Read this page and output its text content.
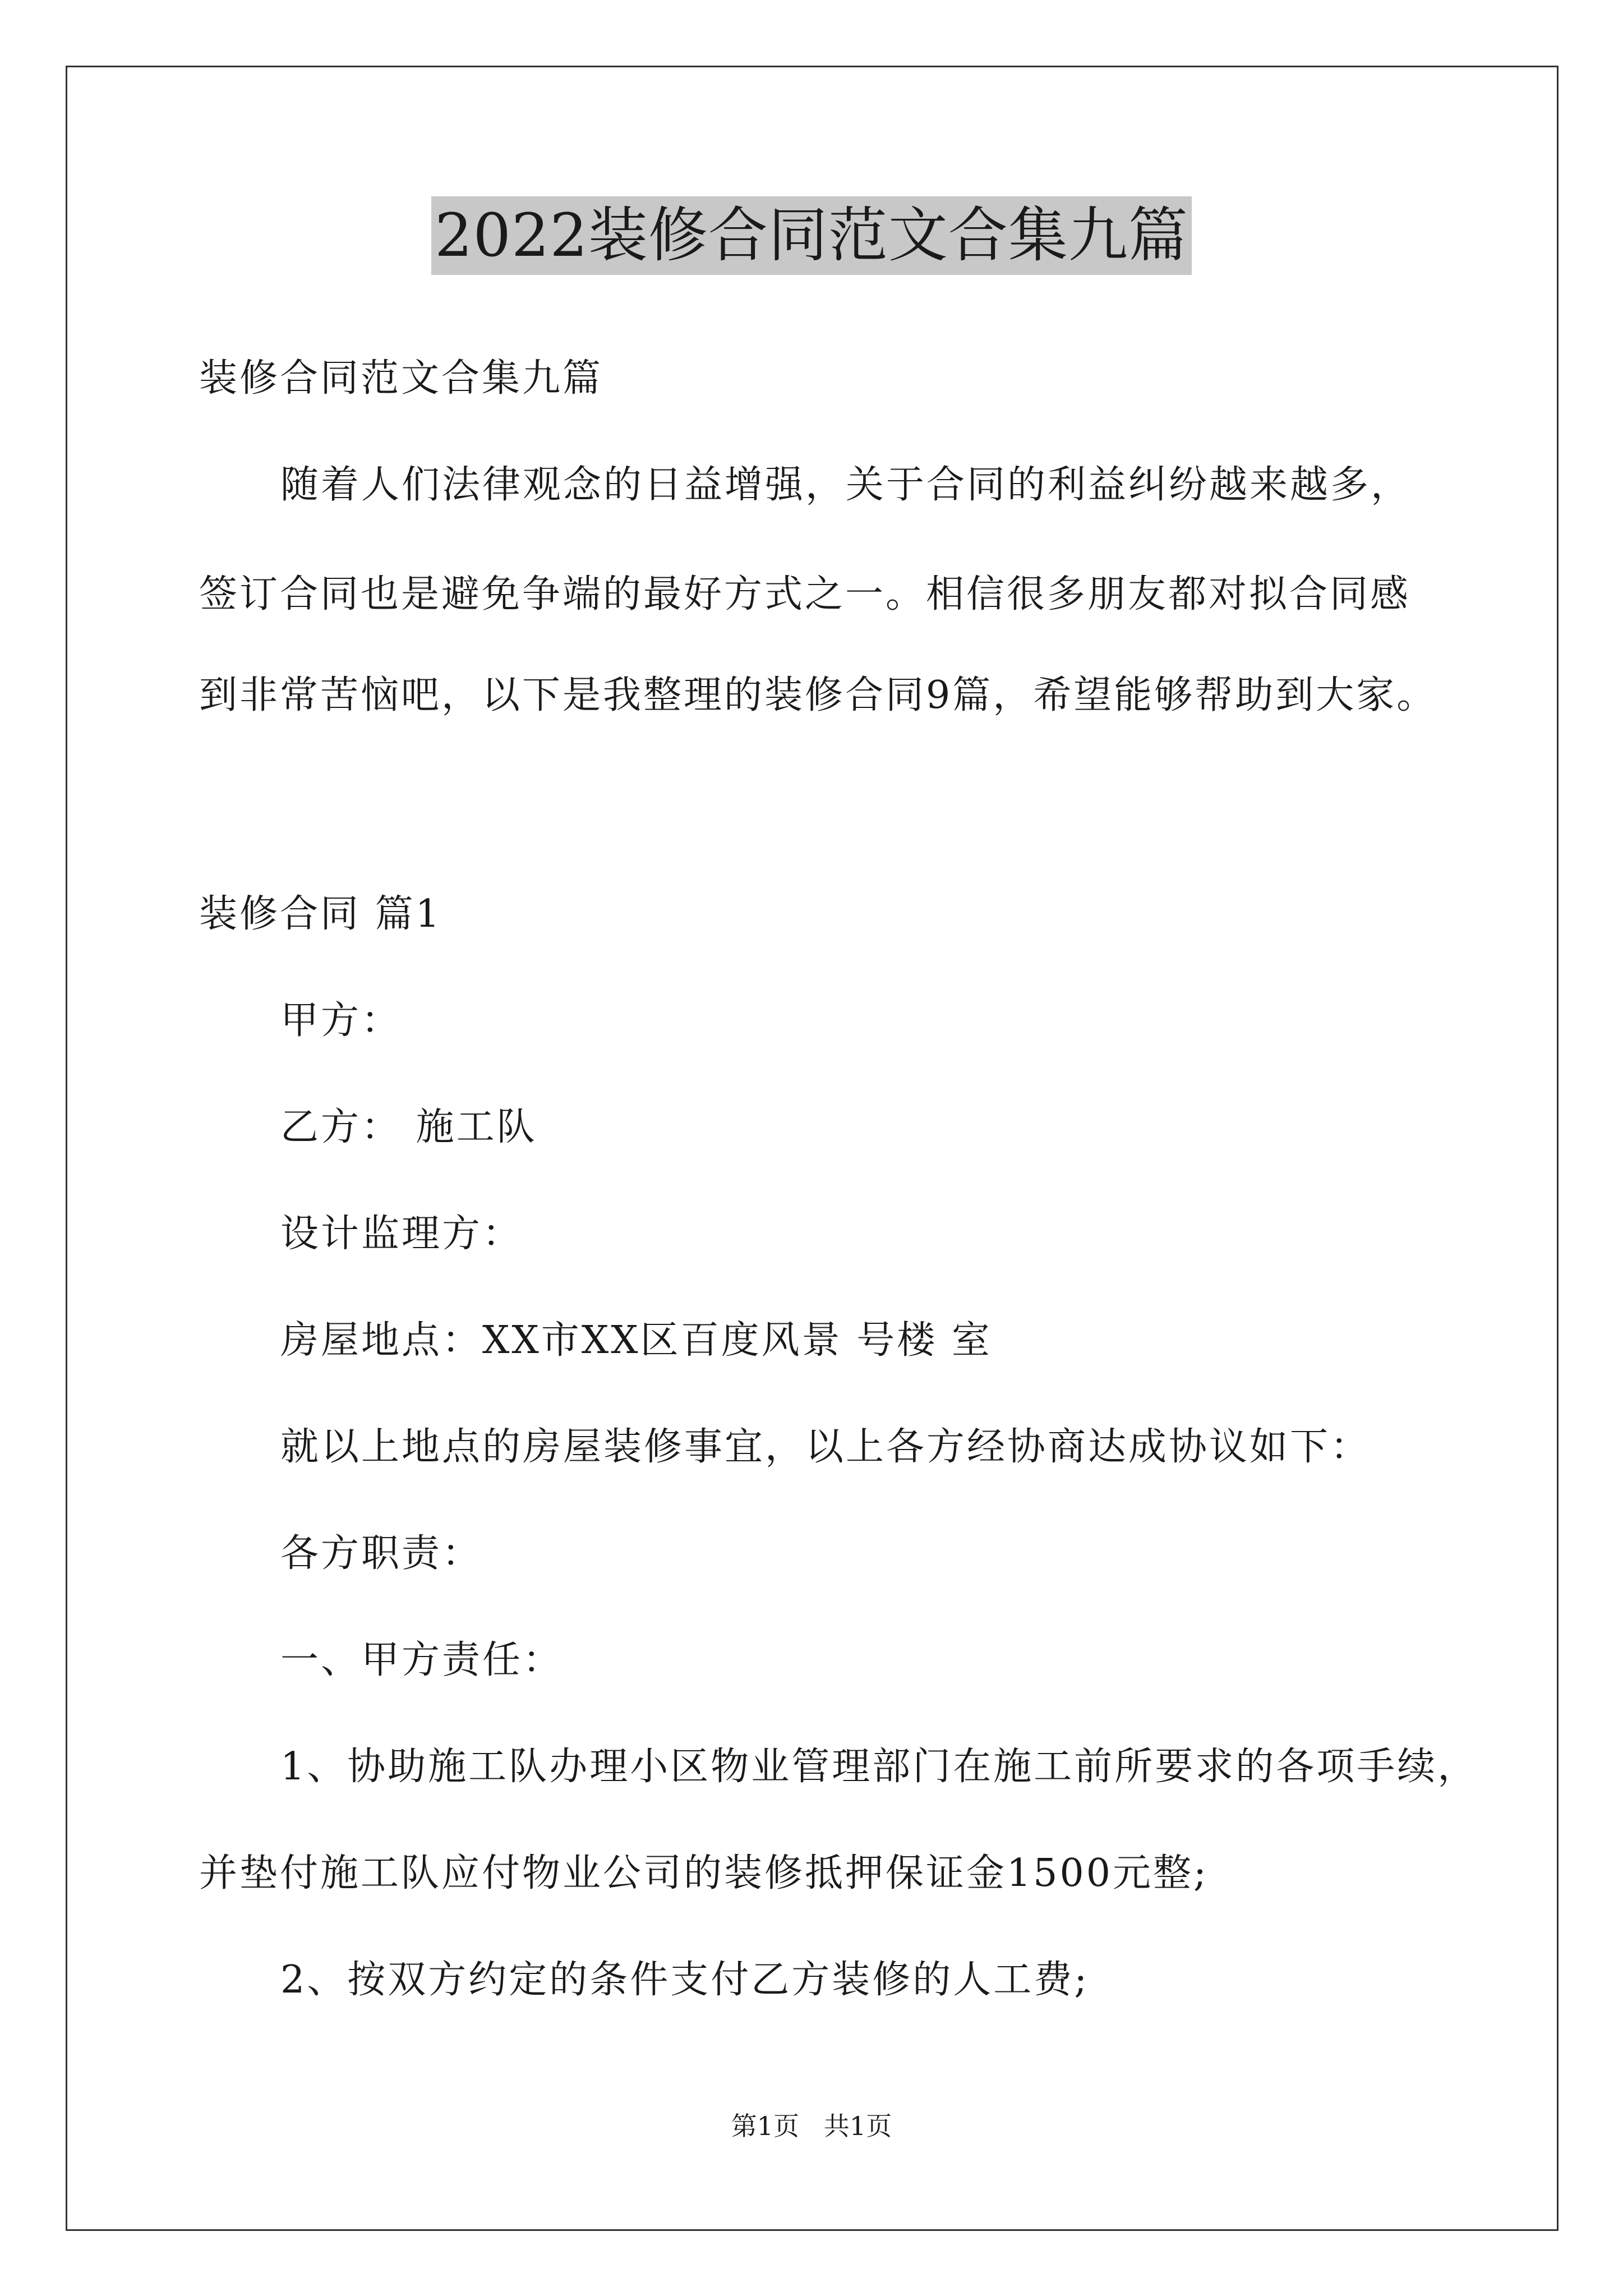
2022装修合同范文合集九篇
装修合同范文合集九篇
随着人们法律观念的日益增强，关于合同的利益纠纷越来越多，
签订合同也是避免争端的最好方式之一。相信很多朋友都对拟合同感
到非常苦恼吧，以下是我整理的装修合同9篇，希望能够帮助到大家。
装修合同 篇1
甲方：
乙方： 施工队
设计监理方：
房屋地点：XX市XX区百度风景 号楼 室
就以上地点的房屋装修事宜，以上各方经协商达成协议如下：
各方职责：
一、甲方责任：
1、协助施工队办理小区物业管理部门在施工前所要求的各项手续，
并垫付施工队应付物业公司的装修抵押保证金1500元整;
2、按双方约定的条件支付乙方装修的人工费;
第1页   共1页
